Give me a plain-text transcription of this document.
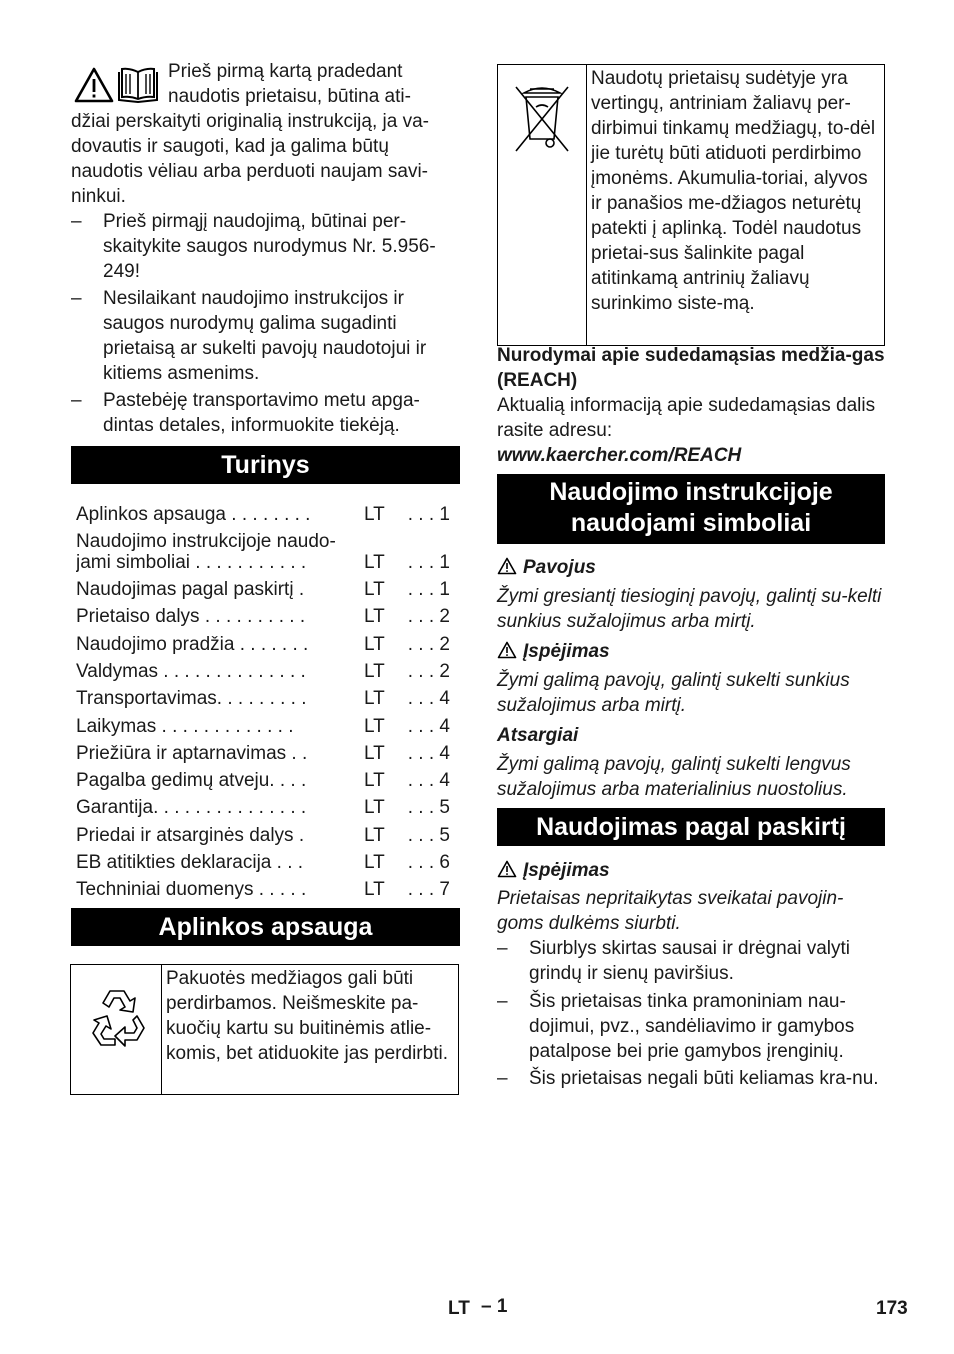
Prieš pirmą kartą pradedant

naudotis prietaisu, būtina ati-

džiai perskaityti originalią instrukciją, ja va-dovautis ir saugoti, kad ja galima būtų naudotis vėliau arba perduoti naujam savi-ninkui.

– Prieš pirmąjį naudojimą, būtinai per-skaitykite saugos nurodymus Nr. 5.956-249!
– Nesilaikant naudojimo instrukcijos ir saugos nurodymų galima sugadinti prietaisą ar sukelti pavojų naudotojui ir kitiems asmenims.
– Pastebėję transportavimo metu apga-dintas detales, informuokite tiekėją.
Turinys
Aplinkos apsauga . . . . . . . .	LT . . . 1
Naudojimo instrukcijoje naudo-
jami simboliai . . . . . . . . . . .	LT . . . 1
Naudojimas pagal paskirtį .	LT . . . 1
Prietaiso dalys . . . . . . . . . .	LT . . . 2
Naudojimo pradžia . . . . . . .	LT . . . 2
Valdymas . . . . . . . . . . . . . .	LT . . . 2
Transportavimas. . . . . . . . .	LT . . . 4
Laikymas . . . . . . . . . . . . .	LT . . . 4
Priežiūra ir aptarnavimas . .	LT . . . 4
Pagalba gedimų atveju. . . .	LT . . . 4
Garantija. . . . . . . . . . . . . . .	LT . . . 5
Priedai ir atsarginės dalys .	LT . . . 5
EB atitikties deklaracija . . .	LT . . . 6
Techniniai duomenys . . . . .	LT . . . 7
Aplinkos apsauga

Pakuotės medžiagos gali būti perdirbamos. Neišmeskite pa-kuočių kartu su buitinėmis atlie-komis, bet atiduokite jas perdirbti.

Naudotų prietaisų sudėtyje yra vertingų, antriniam žaliavų per-dirbimui tinkamų medžiagų, to-dėl jie turėtų būti atiduoti perdirbimo įmonėms. Akumulia-toriai, alyvos ir panašios me-džiagos neturėtų patekti į aplinką. Todėl naudotus prietai-sus šalinkite pagal atitinkamą antrinių žaliavų surinkimo siste-mą.

Nurodymai apie sudedamąsias medžia-gas (REACH)

Aktualią informaciją apie sudedamąsias dalis rasite adresu:

www.kaercher.com/REACH

Naudojimo instrukcijoje
naudojami simboliai
Pavojus

Žymi gresiantį tiesioginį pavojų, galintį su-kelti sunkius sužalojimus arba mirtį.

Įspėjimas

Žymi galimą pavojų, galintį sukelti sunkius sužalojimus arba mirtį.

Atsargiai

Žymi galimą pavojų, galintį sukelti lengvus sužalojimus arba materialinius nuostolius.

Naudojimas pagal paskirtį
Įspėjimas

Prietaisas nepritaikytas sveikatai pavojin-goms dulkėms siurbti.

– Siurblys skirtas sausai ir drėgnai valyti grindų ir sienų paviršius.
– Šis prietaisas tinka pramoniniam nau-dojimui, pvz., sandėliavimo ir gamybos patalpose bei prie gamybos įrenginių.
– Šis prietaisas negali būti keliamas kra-nu.
LT – 1	173
